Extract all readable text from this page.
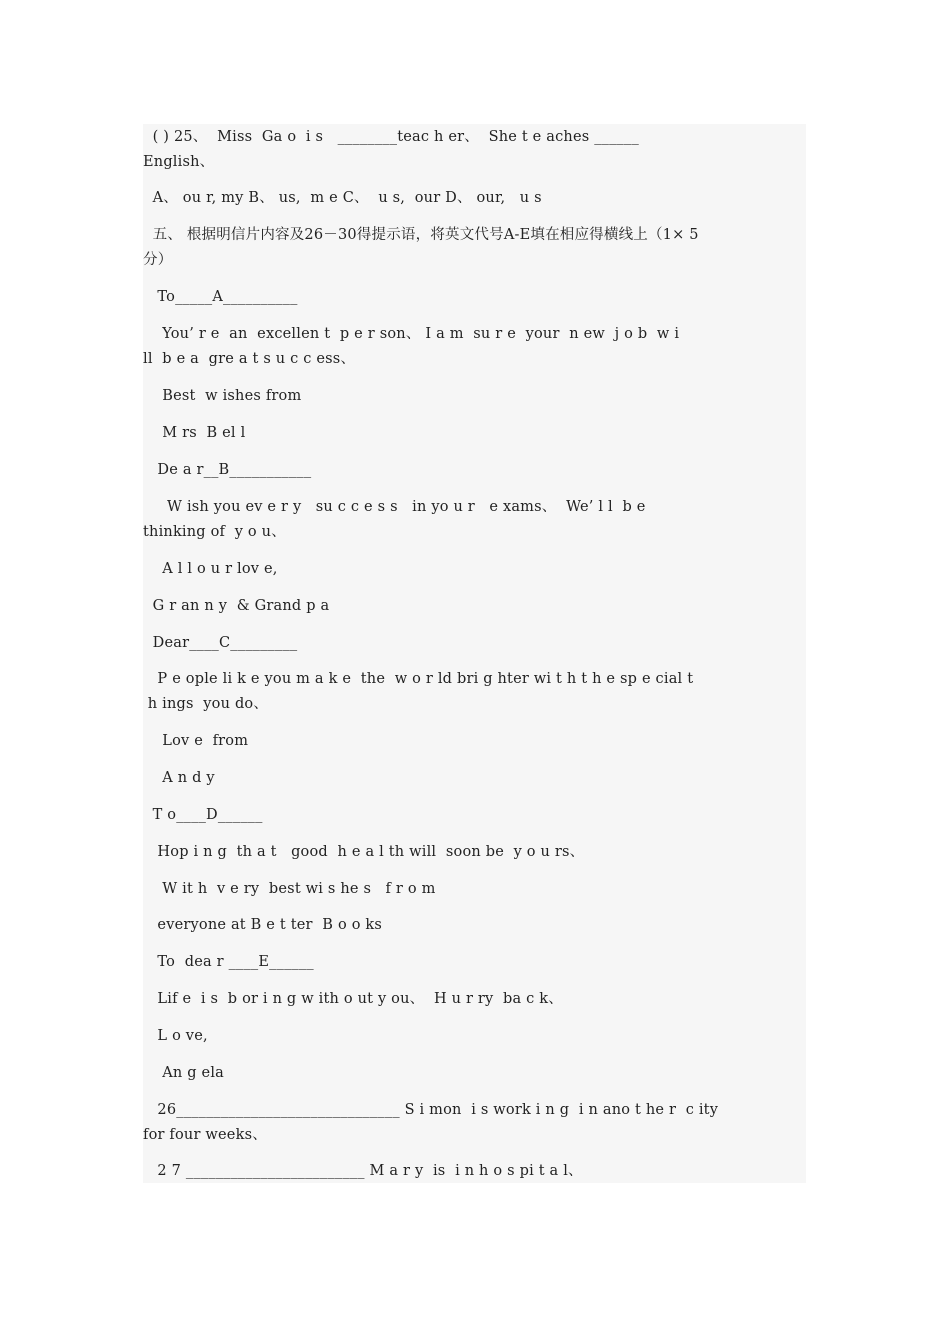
( ) 25、  Miss  Ga o  i s   ________teac h er、  She t e aches ______
English、
A、 ou r, my B、 us,  m e C、  u s,  our D、 our,   u s
五、 根据明信片内容及26－30得提示语，将英文代号A-E填在相应得横线上（1× 5
分）
To_____A__________
You’ r e  an  excellen t  p e r son、 I a m  su r e  your  n ew  j o b  w i
ll  b e a  gre a t s u c c ess、
Best  w ishes from
M rs  B el l
De a r__B___________
W ish you ev e r y   su c c e s s   in yo u r   e xams、  We’ l l  b e
thinking of  y o u、
A l l o u r lov e,
G r an n y  & Grand p a
Dear____C_________
P e ople li k e you m a k e  the  w o r ld bri g hter wi t h t h e sp e cial t
h ings  you do、
Lov e  from
A n d y
T o____D______
Hop i n g  th a t   good  h e a l th will  soon be  y o u rs、
W it h  v e ry  best wi s he s   f r o m
everyone at B e t ter  B o o ks
To  dea r ____E______
Lif e  i s  b or i n g w ith o ut y ou、  H u r ry  ba c k、
L o ve,
An g ela
26______________________________ S i mon  i s work i n g  i n ano t he r  c ity
for four weeks、
2 7 ________________________ M a r y  is  i n h o s pi t a l、
